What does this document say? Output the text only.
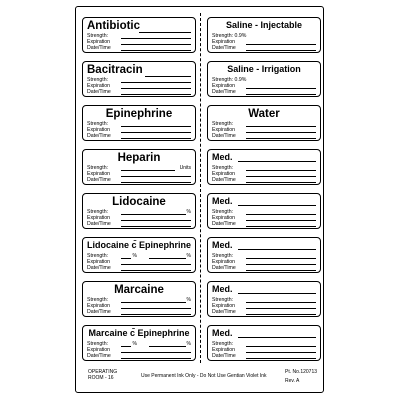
Antibiotic
Strength:
Expiration
Date/Time
Bacitracin
Strength:
Expiration
Date/Time
Epinephrine
Strength:
Expiration
Date/Time
Heparin
Strength:	Units
Expiration
Date/Time
Lidocaine
Strength:	%
Expiration
Date/Time
Lidocaine c̄ Epinephrine
Strength:	%	%
Expiration
Date/Time
Marcaine
Strength:	%
Expiration
Date/Time
Marcaine c̄ Epinephrine
Strength:	%	%
Expiration
Date/Time
Saline - Injectable
Strength: 0.9%
Expiration
Date/Time
Saline - Irrigation
Strength: 0.9%
Expiration
Date/Time
Water
Strength:
Expiration
Date/Time
Med.
Strength:
Expiration
Date/Time
Med.
Strength:
Expiration
Date/Time
Med.
Strength:
Expiration
Date/Time
Med.
Strength:
Expiration
Date/Time
Med.
Strength:
Expiration
Date/Time
OPERATING ROOM - 16	Use Permanent Ink Only - Do Not Use Gentian Violet Ink
Pt. No.120713
Rev. A
